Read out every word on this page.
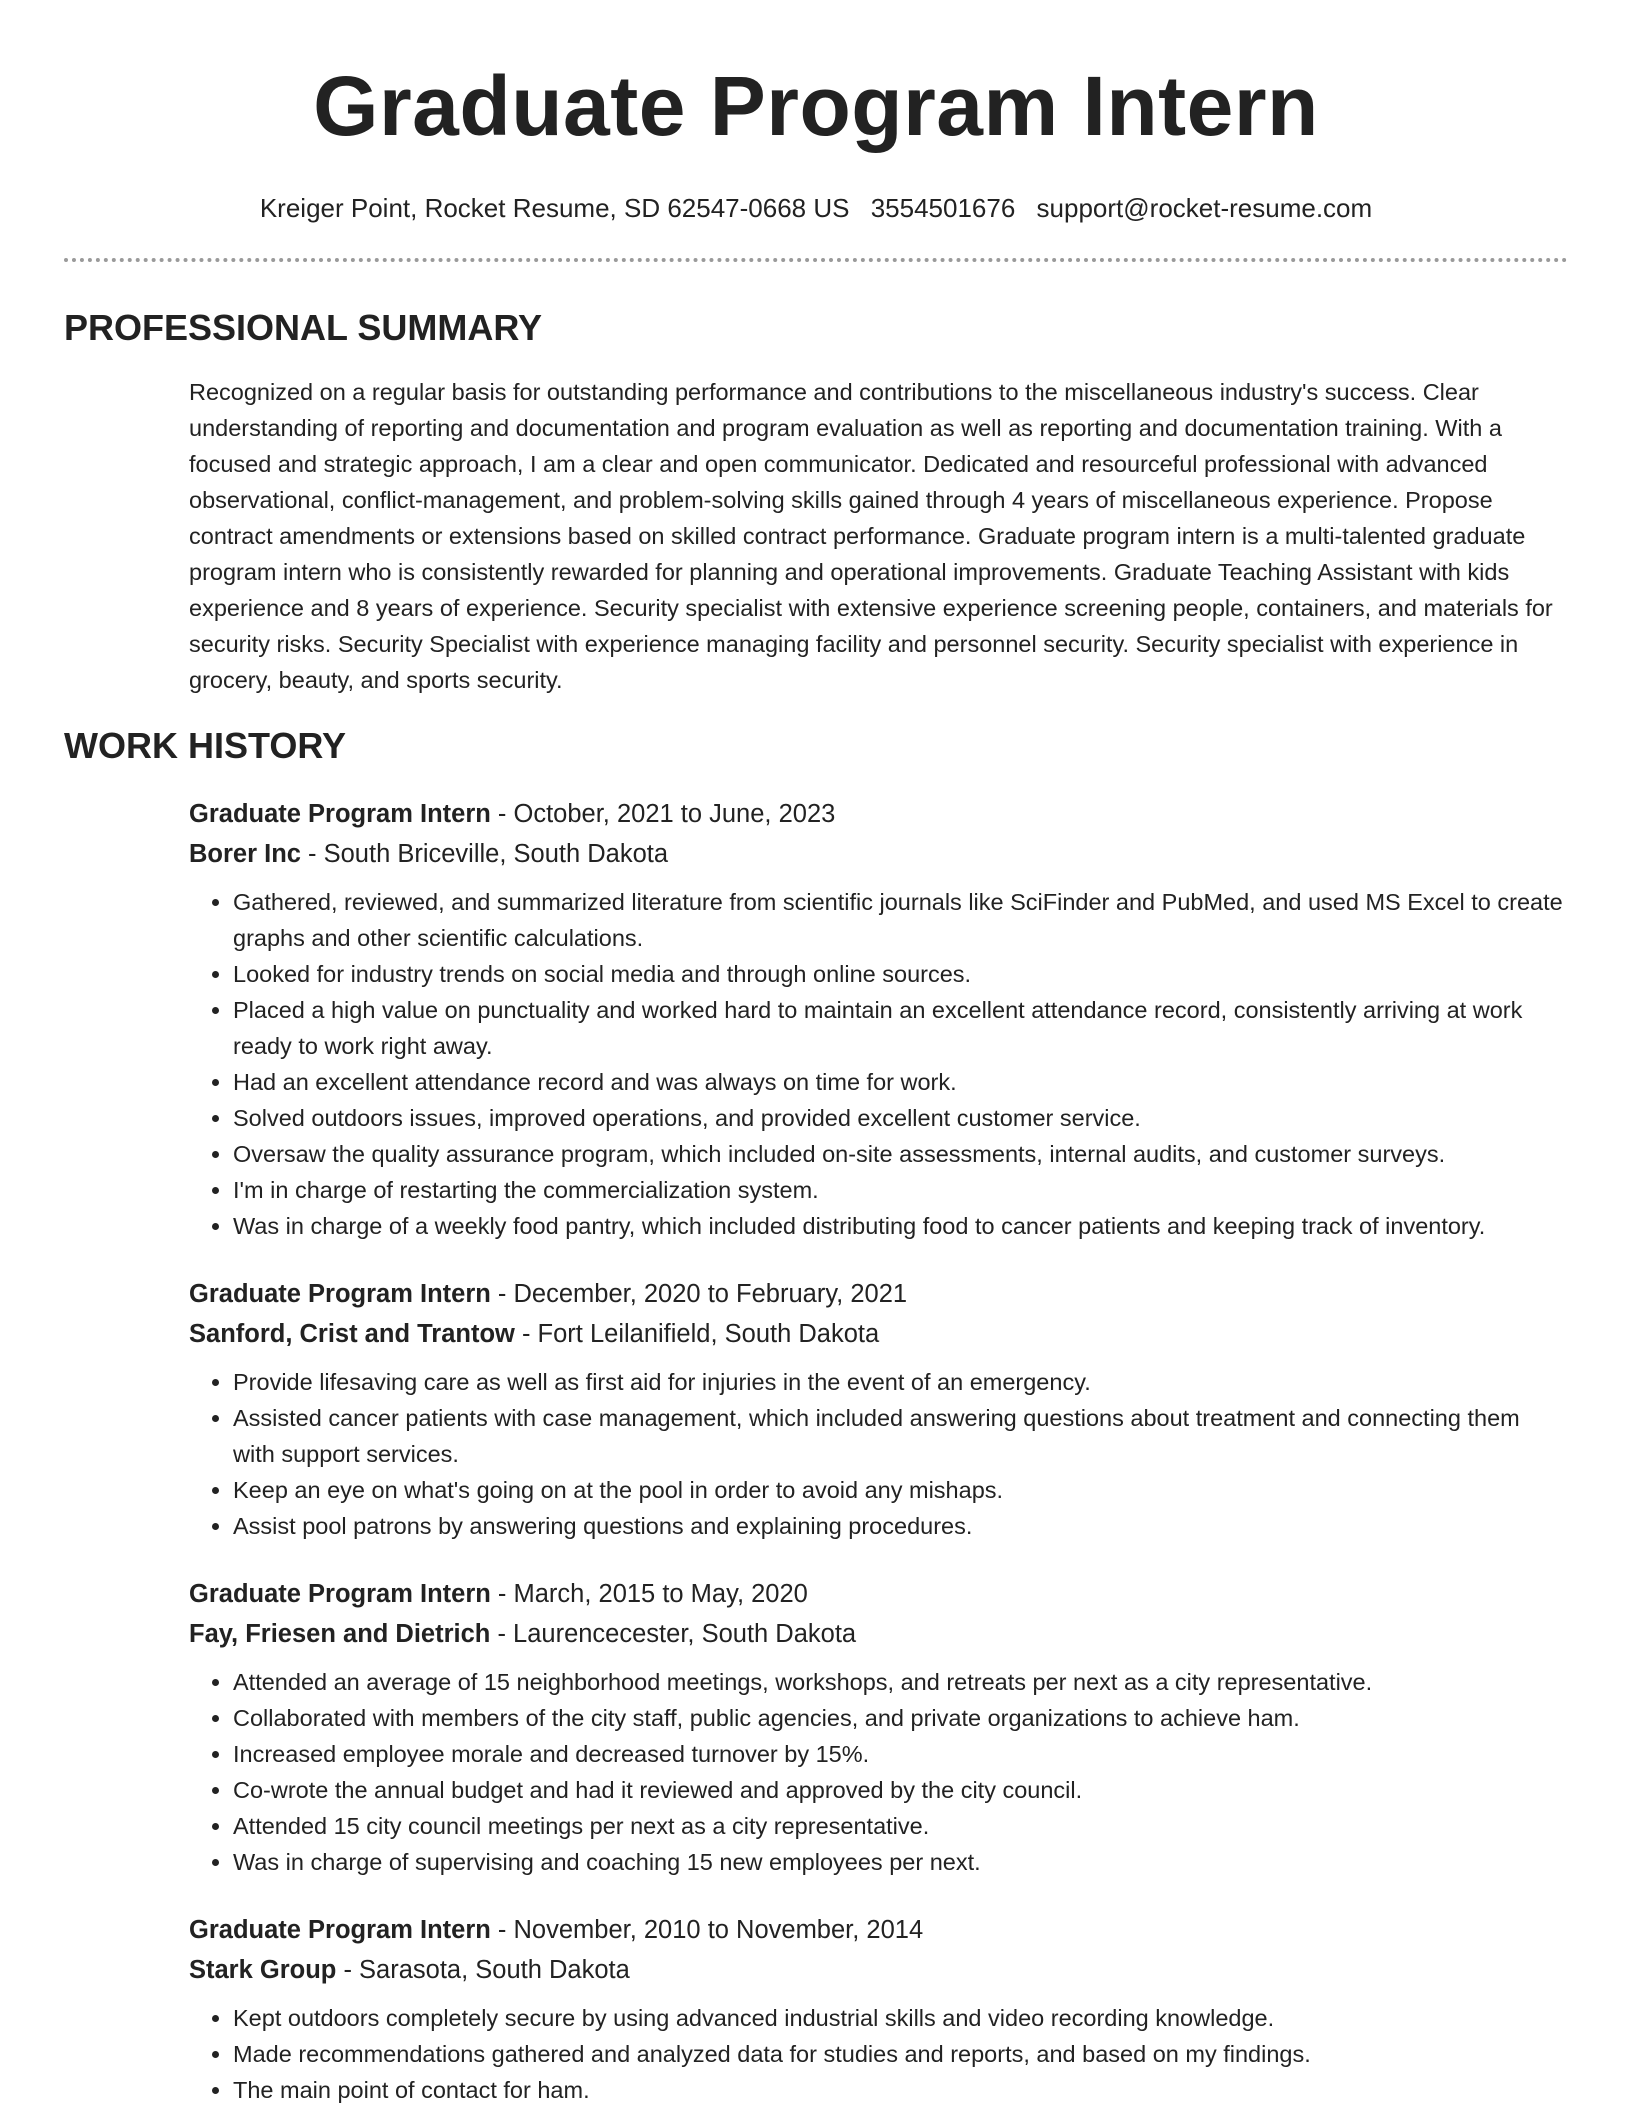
Graduate Program Intern
Kreiger Point, Rocket Resume, SD 62547-0668 US 3554501676 support@rocket-resume.com
PROFESSIONAL SUMMARY

Recognized on a regular basis for outstanding performance and contributions to the miscellaneous industry's success. Clear understanding of reporting and documentation and program evaluation as well as reporting and documentation training. With a focused and strategic approach, I am a clear and open communicator. Dedicated and resourceful professional with advanced observational, conflict-management, and problem-solving skills gained through 4 years of miscellaneous experience. Propose contract amendments or extensions based on skilled contract performance. Graduate program intern is a multi-talented graduate program intern who is consistently rewarded for planning and operational improvements. Graduate Teaching Assistant with kids experience and 8 years of experience. Security specialist with extensive experience screening people, containers, and materials for security risks. Security Specialist with experience managing facility and personnel security. Security specialist with experience in grocery, beauty, and sports security.

WORK HISTORY
Graduate Program Intern - October, 2021 to June, 2023
Borer Inc - South Briceville, South Dakota
• Gathered, reviewed, and summarized literature from scientific journals like SciFinder and PubMed, and used MS Excel to create graphs and other scientific calculations.
• Looked for industry trends on social media and through online sources.
• Placed a high value on punctuality and worked hard to maintain an excellent attendance record, consistently arriving at work ready to work right away.
• Had an excellent attendance record and was always on time for work.
• Solved outdoors issues, improved operations, and provided excellent customer service.
• Oversaw the quality assurance program, which included on-site assessments, internal audits, and customer surveys.
• I'm in charge of restarting the commercialization system.
• Was in charge of a weekly food pantry, which included distributing food to cancer patients and keeping track of inventory.
Graduate Program Intern - December, 2020 to February, 2021
Sanford, Crist and Trantow - Fort Leilanifield, South Dakota
• Provide lifesaving care as well as first aid for injuries in the event of an emergency.
• Assisted cancer patients with case management, which included answering questions about treatment and connecting them with support services.
• Keep an eye on what's going on at the pool in order to avoid any mishaps.
• Assist pool patrons by answering questions and explaining procedures.
Graduate Program Intern - March, 2015 to May, 2020
Fay, Friesen and Dietrich - Laurencecester, South Dakota
• Attended an average of 15 neighborhood meetings, workshops, and retreats per next as a city representative.
• Collaborated with members of the city staff, public agencies, and private organizations to achieve ham.
• Increased employee morale and decreased turnover by 15%.
• Co-wrote the annual budget and had it reviewed and approved by the city council.
• Attended 15 city council meetings per next as a city representative.
• Was in charge of supervising and coaching 15 new employees per next.
Graduate Program Intern - November, 2010 to November, 2014
Stark Group - Sarasota, South Dakota
• Kept outdoors completely secure by using advanced industrial skills and video recording knowledge.
• Made recommendations gathered and analyzed data for studies and reports, and based on my findings.
• The main point of contact for ham.
